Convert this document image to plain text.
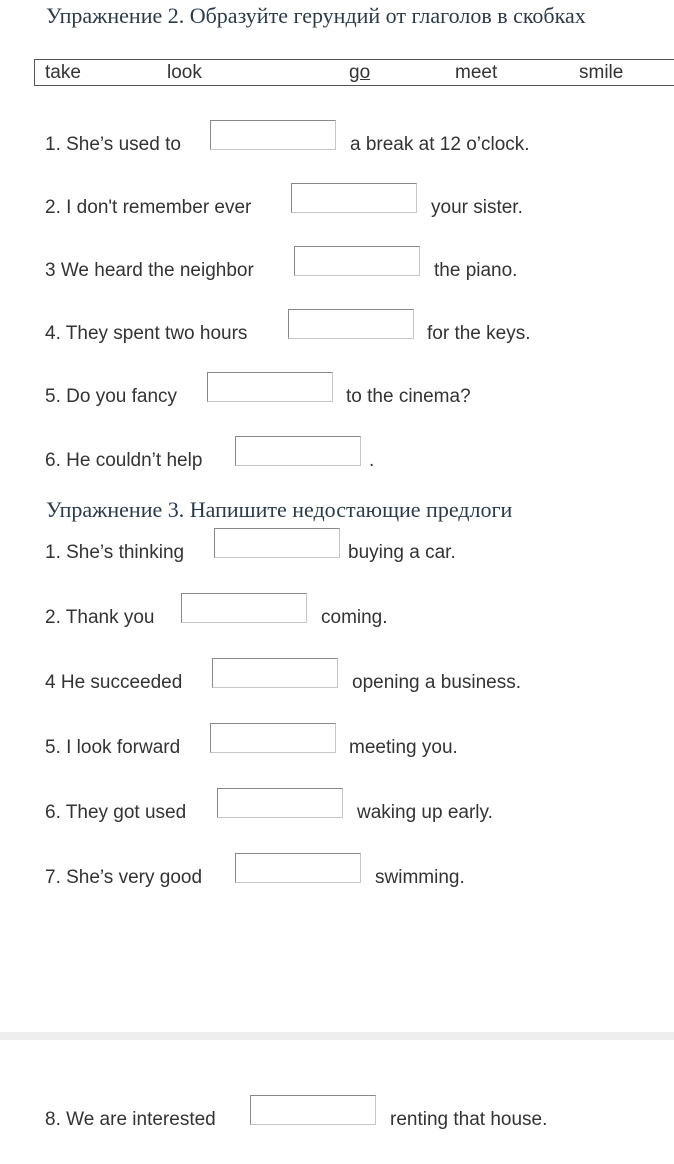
Упражнение 2. Образуйте герундий от глаголов в скобках
take	look	go	meet	smile
1. She’s used to	a break at 12 o’clock.
2. I don't remember ever	your sister.
3 We heard the neighbor	the piano.
4. They spent two hours	for the keys.
5. Do you fancy	to the cinema?
6. He couldn’t help	.
Упражнение 3. Напишите недостающие предлоги
1. She’s thinking	buying a car.
2. Thank you	coming.
4 He succeeded	opening a business.
5. I look forward	meeting you.
6. They got used	waking up early.
7. She’s very good	swimming.
8. We are interested	renting that house.
